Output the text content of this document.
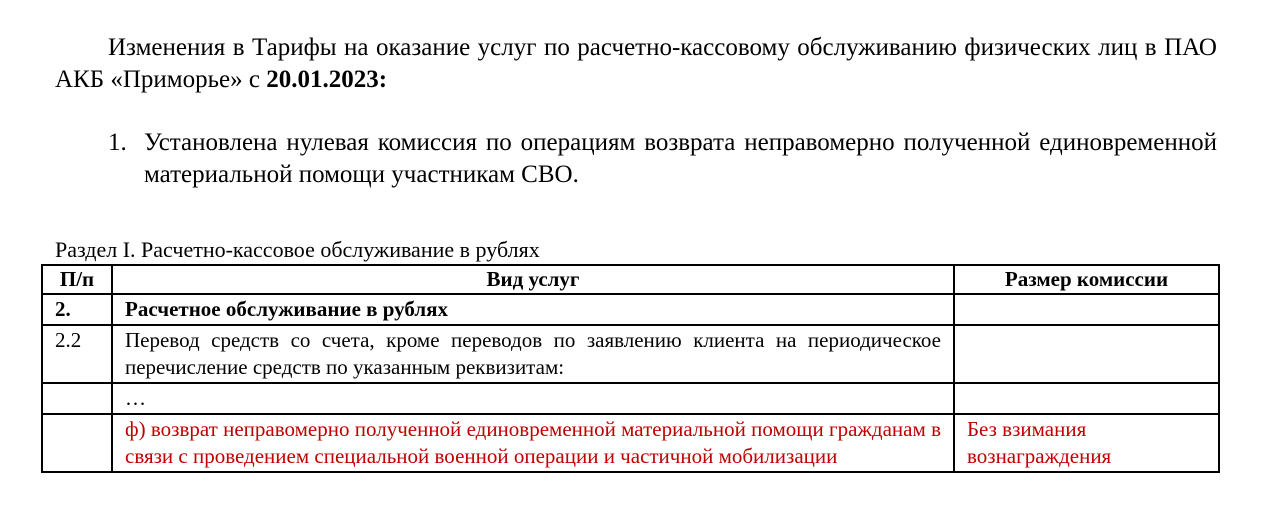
Изменения в Тарифы на оказание услуг по расчетно-кассовому обслуживанию физических лиц в ПАО АКБ «Приморье» с 20.01.2023:

1. Установлена нулевая комиссия по операциям возврата неправомерно полученной единовременной материальной помощи участникам СВО.

Раздел I. Расчетно-кассовое обслуживание в рублях

П/п	Вид услуг	Размер комиссии
2.	Расчетное обслуживание в рублях	
2.2	Перевод средств со счета, кроме переводов по заявлению клиента на периодическое перечисление средств по указанным реквизитам:	
	…	
	ф) возврат неправомерно полученной единовременной материальной помощи гражданам в связи с проведением специальной военной операции и частичной мобилизации	Без взимания вознаграждения
